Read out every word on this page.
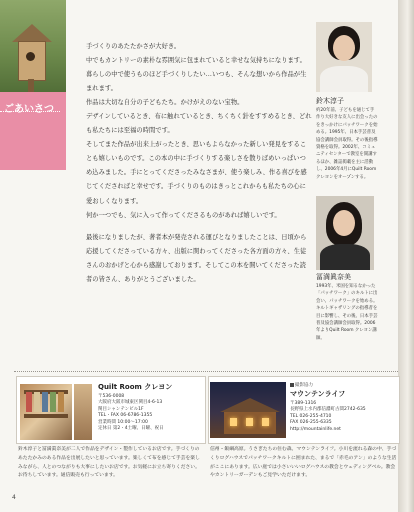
ごあいさつ

手づくりのあたたかさが大好き。

中でもカントリーの素朴な雰囲気に包まれていると幸せな気持ちになります。

暮らしの中で使うものほど手づくりしたい…いつも、そんな想いから作品が生まれます。

作品は大切な自分の子どもたち。かけがえのない宝物。

デザインしているとき、布に触れているとき、ちくちく針をすすめるとき、どれも私たちには至福の時間です。

そしてまた作品が出来上がったとき、思いもよらなかった新しい発見をすることも嬉しいものです。この本の中に手づくりする楽しさを散りばめいっぱいつめ込みました。手にとってくださったみなさまが、使う楽しみ、作る喜びを感じてくださればと幸せです。手づくりのものはきっとこれからも私たちの心に愛おしくなります。

何か一つでも、気に入って作ってくださるものがあれば嬉しいです。

最後になりましたが、著者本が発売される運びとなりましたことは、日頃から応援してくださっている方々、出版に関わってくださった各方面の方々、生徒さんのおかげと心から感謝しております。そしてこの本を開いてくださった読者の皆さん、ありがとうございました。

鈴木淳子
約20年前、子どもを通じて手作り大好きな友人に出会ったのをきっかけにパッチワークを始める。1995年、日本手芸普及協会講師会員取得。その後指導資格を取得。2002年、コミュニティセンターで教室を開講するほか、雑誌掲載を主に活動し、2006年4月にQuilt Room クレヨンをオープンする。
冨満眞奈美
1993年、米国を知るなかった「パッチワーク」のキルトに出会い、パッチワークを始める。キルトギャザリングの指導者を目に影響し、その後、日本手芸普及協会講師会員取得。2006年よりQuilt Room クレヨン講師。
Quilt Room クレヨン
〒536-0008
大阪府大阪市城東区関目4-6-13
関目シャンテンビル1F
TEL・FAX 06-6786-1355
営業時間 10:00～17:00
定休日 第2・4土曜、日曜、祝日
鈴木淳子と冨満眞奈美が二人で作品をデザイン・製作しているお店です。手づくりのあたたかみのある作品を出展したいと思っています。楽しくて布を感じて手芸を楽しみながら、人とのつながりも大事にしたいお店です。お気軽にお立ち寄りください。お待ちしています。通信販売も行っています。
撮影協力
マウンテンライフ
〒389-1316
長野県上水内郡信濃町古間2742-635
TEL 026-255-4710
FAX 026-255-6335
http://mountainlife.net
信州・飯綱高原。うさぎたちの住む森。マウンテンライフ。小川を流れる森の中、手づくりログハウスでパッチワークキルトに囲まれた、まるで「赤毛のアン」のような生活がここにあります。広い庭では小さいいいログハウスの教会とウェディングベル。教会やカントリーガーデンもご見学いただけます。
4
